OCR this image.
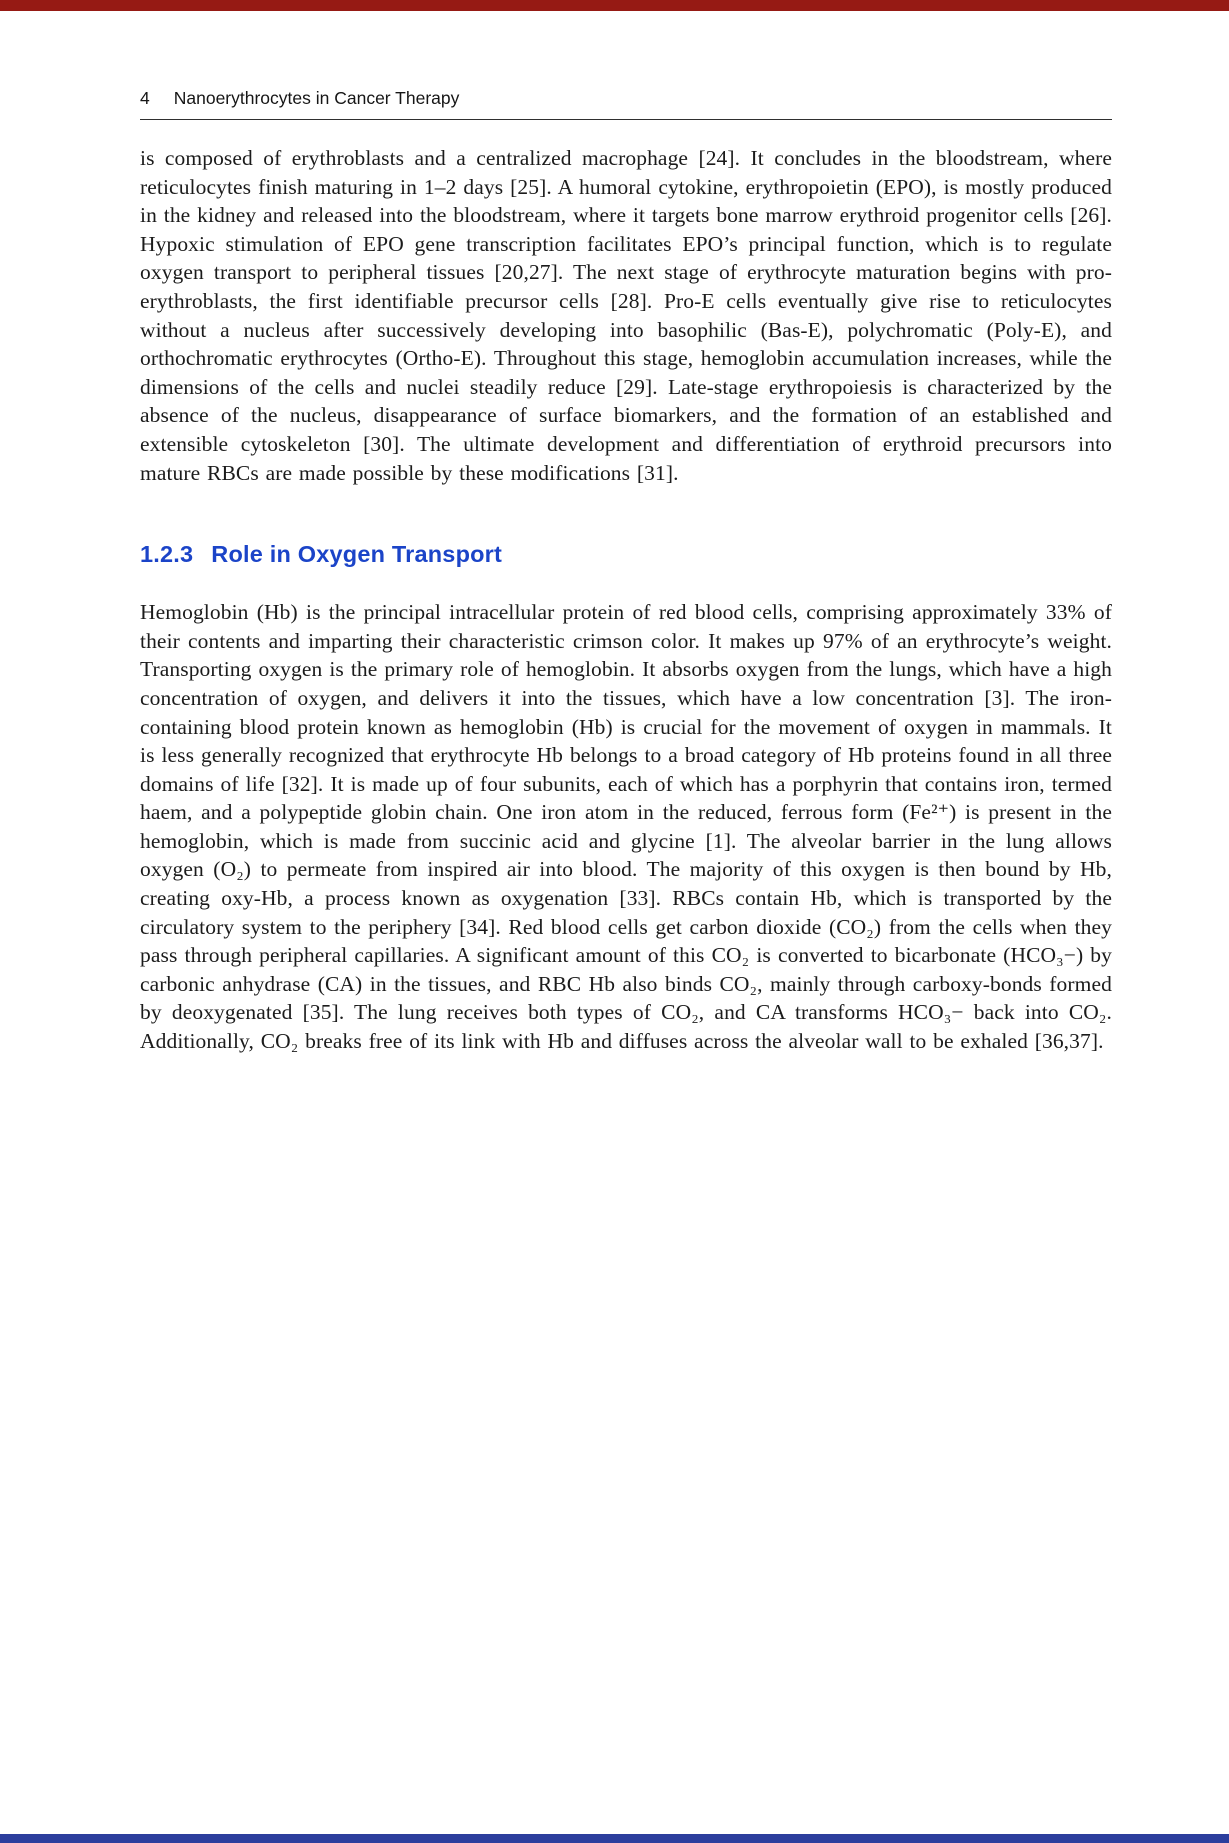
4 Nanoerythrocytes in Cancer Therapy

is composed of erythroblasts and a centralized macrophage [24]. It concludes in the bloodstream, where reticulocytes finish maturing in 1–2 days [25]. A humoral cytokine, erythropoietin (EPO), is mostly produced in the kidney and released into the bloodstream, where it targets bone marrow erythroid progenitor cells [26]. Hypoxic stimulation of EPO gene transcription facilitates EPO’s principal function, which is to regulate oxygen transport to peripheral tissues [20,27]. The next stage of erythrocyte maturation begins with pro-erythroblasts, the first identifiable precursor cells [28]. Pro-E cells eventually give rise to reticulocytes without a nucleus after successively developing into basophilic (Bas-E), polychromatic (Poly-E), and orthochromatic erythrocytes (Ortho-E). Throughout this stage, hemoglobin accumulation increases, while the dimensions of the cells and nuclei steadily reduce [29]. Late-stage erythropoiesis is characterized by the absence of the nucleus, disappearance of surface biomarkers, and the formation of an established and extensible cytoskeleton [30]. The ultimate development and differentiation of erythroid precursors into mature RBCs are made possible by these modifications [31].

1.2.3 Role in Oxygen Transport

Hemoglobin (Hb) is the principal intracellular protein of red blood cells, comprising approximately 33% of their contents and imparting their characteristic crimson color. It makes up 97% of an erythrocyte’s weight. Transporting oxygen is the primary role of hemoglobin. It absorbs oxygen from the lungs, which have a high concentration of oxygen, and delivers it into the tissues, which have a low concentration [3]. The iron-containing blood protein known as hemoglobin (Hb) is crucial for the movement of oxygen in mammals. It is less generally recognized that erythrocyte Hb belongs to a broad category of Hb proteins found in all three domains of life [32]. It is made up of four subunits, each of which has a porphyrin that contains iron, termed haem, and a polypeptide globin chain. One iron atom in the reduced, ferrous form (Fe²⁺) is present in the hemoglobin, which is made from succinic acid and glycine [1]. The alveolar barrier in the lung allows oxygen (O₂) to permeate from inspired air into blood. The majority of this oxygen is then bound by Hb, creating oxy-Hb, a process known as oxygenation [33]. RBCs contain Hb, which is transported by the circulatory system to the periphery [34]. Red blood cells get carbon dioxide (CO₂) from the cells when they pass through peripheral capillaries. A significant amount of this CO₂ is converted to bicarbonate (HCO₃−) by carbonic anhydrase (CA) in the tissues, and RBC Hb also binds CO₂, mainly through carboxy-bonds formed by deoxygenated [35]. The lung receives both types of CO₂, and CA transforms HCO₃− back into CO₂. Additionally, CO₂ breaks free of its link with Hb and diffuses across the alveolar wall to be exhaled [36,37].
